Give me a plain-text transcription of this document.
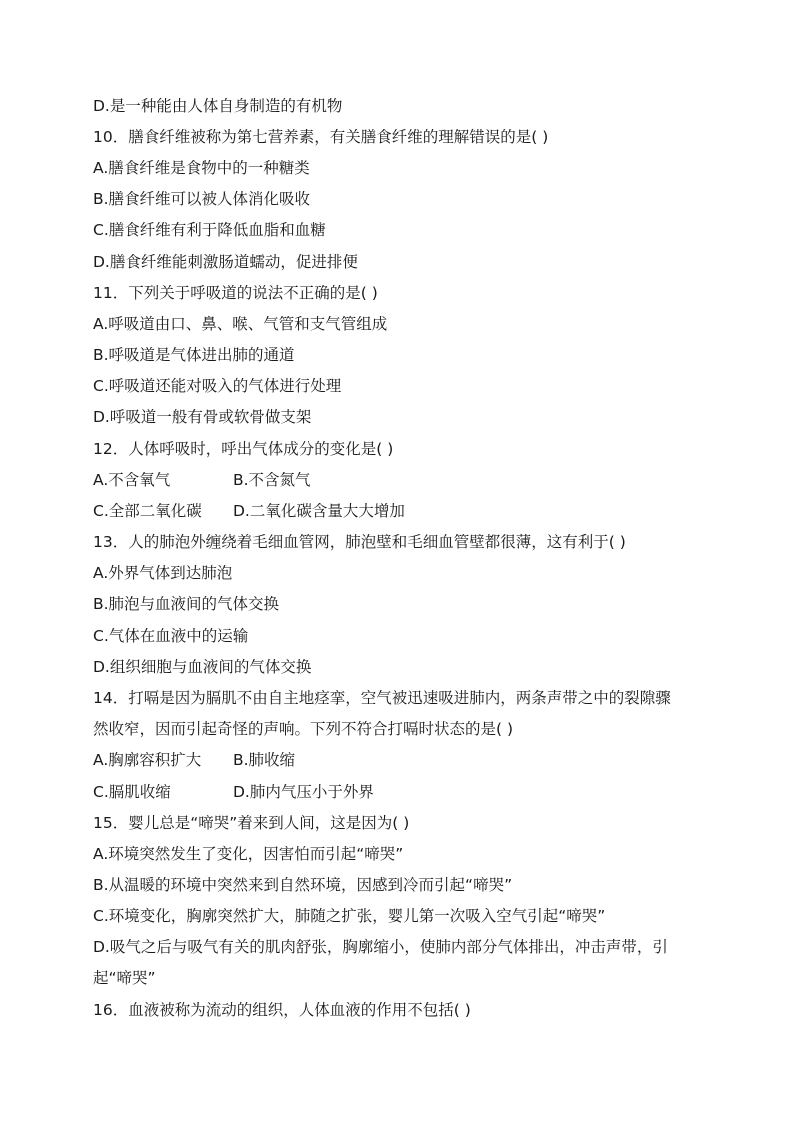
D.是一种能由人体自身制造的有机物
10．膳食纤维被称为第七营养素，有关膳食纤维的理解错误的是( )
A.膳食纤维是食物中的一种糖类
B.膳食纤维可以被人体消化吸收
C.膳食纤维有利于降低血脂和血糖
D.膳食纤维能刺激肠道蠕动，促进排便
11．下列关于呼吸道的说法不正确的是( )
A.呼吸道由口、鼻、喉、气管和支气管组成
B.呼吸道是气体进出肺的通道
C.呼吸道还能对吸入的气体进行处理
D.呼吸道一般有骨或软骨做支架
12．人体呼吸时，呼出气体成分的变化是( )
A.不含氧气	B.不含氮气
C.全部二氧化碳 D.二氧化碳含量大大增加
13．人的肺泡外缠绕着毛细血管网，肺泡壁和毛细血管壁都很薄，这有利于( )
A.外界气体到达肺泡
B.肺泡与血液间的气体交换
C.气体在血液中的运输
D.组织细胞与血液间的气体交换
14．打嗝是因为膈肌不由自主地痉挛，空气被迅速吸进肺内，两条声带之中的裂隙骤
然收窄，因而引起奇怪的声响。下列不符合打嗝时状态的是( )
A.胸廓容积扩大 B.肺收缩
C.膈肌收缩	D.肺内气压小于外界
15．婴儿总是“啼哭”着来到人间，这是因为( )
A.环境突然发生了变化，因害怕而引起“啼哭”
B.从温暖的环境中突然来到自然环境，因感到冷而引起“啼哭”
C.环境变化，胸廓突然扩大，肺随之扩张，婴儿第一次吸入空气引起“啼哭”
D.吸气之后与吸气有关的肌肉舒张，胸廓缩小，使肺内部分气体排出，冲击声带，引
起“啼哭”
16．血液被称为流动的组织，人体血液的作用不包括( )
